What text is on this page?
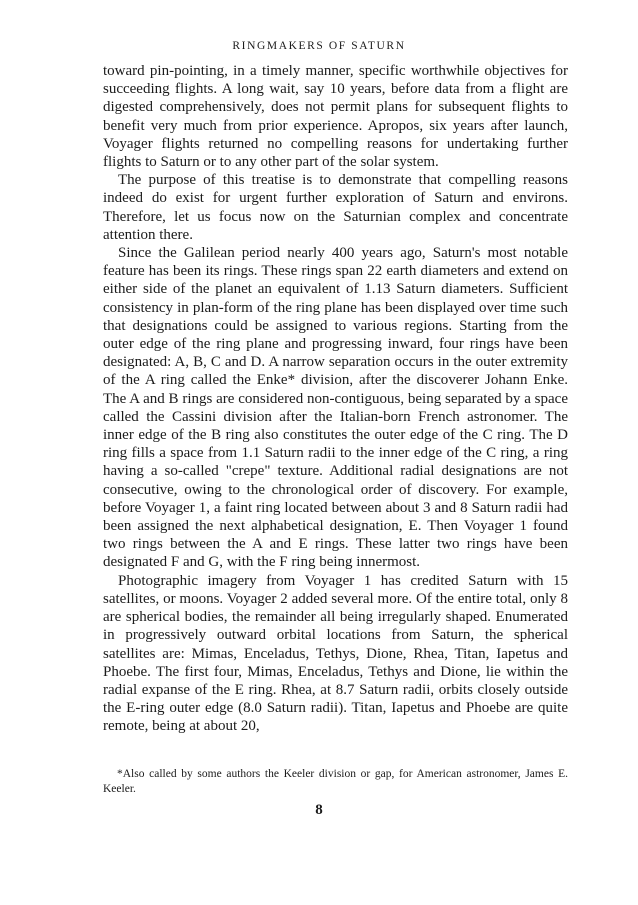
RINGMAKERS OF SATURN

toward pin-pointing, in a timely manner, specific worthwhile objectives for succeeding flights. A long wait, say 10 years, before data from a flight are digested comprehensively, does not permit plans for subsequent flights to benefit very much from prior experience. Apropos, six years after launch, Voyager flights returned no compelling reasons for undertaking further flights to Saturn or to any other part of the solar system.

The purpose of this treatise is to demonstrate that compelling reasons indeed do exist for urgent further exploration of Saturn and environs. Therefore, let us focus now on the Saturnian complex and concentrate attention there.

Since the Galilean period nearly 400 years ago, Saturn's most notable feature has been its rings. These rings span 22 earth diameters and extend on either side of the planet an equivalent of 1.13 Saturn diameters. Sufficient consistency in plan-form of the ring plane has been displayed over time such that designations could be assigned to various regions. Starting from the outer edge of the ring plane and progressing inward, four rings have been designated: A, B, C and D. A narrow separation occurs in the outer extremity of the A ring called the Enke* division, after the discoverer Johann Enke. The A and B rings are considered non-contiguous, being separated by a space called the Cassini division after the Italian-born French astronomer. The inner edge of the B ring also constitutes the outer edge of the C ring. The D ring fills a space from 1.1 Saturn radii to the inner edge of the C ring, a ring having a so-called "crepe" texture. Additional radial designations are not consecutive, owing to the chronological order of discovery. For example, before Voyager 1, a faint ring located between about 3 and 8 Saturn radii had been assigned the next alphabetical designation, E. Then Voyager 1 found two rings between the A and E rings. These latter two rings have been designated F and G, with the F ring being innermost.

Photographic imagery from Voyager 1 has credited Saturn with 15 satellites, or moons. Voyager 2 added several more. Of the entire total, only 8 are spherical bodies, the remainder all being irregularly shaped. Enumerated in progressively outward orbital locations from Saturn, the spherical satellites are: Mimas, Enceladus, Tethys, Dione, Rhea, Titan, Iapetus and Phoebe. The first four, Mimas, Enceladus, Tethys and Dione, lie within the radial expanse of the E ring. Rhea, at 8.7 Saturn radii, orbits closely outside the E-ring outer edge (8.0 Saturn radii). Titan, Iapetus and Phoebe are quite remote, being at about 20,

*Also called by some authors the Keeler division or gap, for American astronomer, James E. Keeler.
8
